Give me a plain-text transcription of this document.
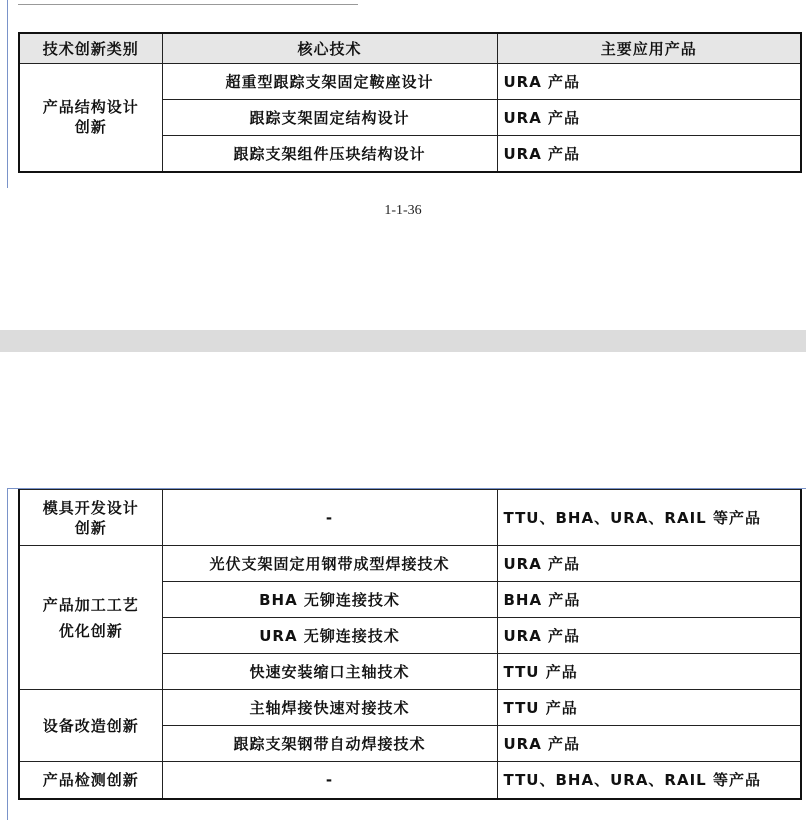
技术创新类别	核心技术	主要应用产品

产品结构设计创新	超重型跟踪支架固定鞍座设计	URA 产品
	跟踪支架固定结构设计	URA 产品
	跟踪支架组件压块结构设计	URA 产品
1-1-36
模具开发设计创新	-	TTU、BHA、URA、RAIL 等产品

产品加工工艺优化创新	光伏支架固定用钢带成型焊接技术	URA 产品
	BHA 无铆连接技术	BHA 产品
	URA 无铆连接技术	URA 产品
	快速安装缩口主轴技术	TTU 产品
设备改造创新	主轴焊接快速对接技术	TTU 产品
	跟踪支架钢带自动焊接技术	URA 产品
产品检测创新	-	TTU、BHA、URA、RAIL 等产品
